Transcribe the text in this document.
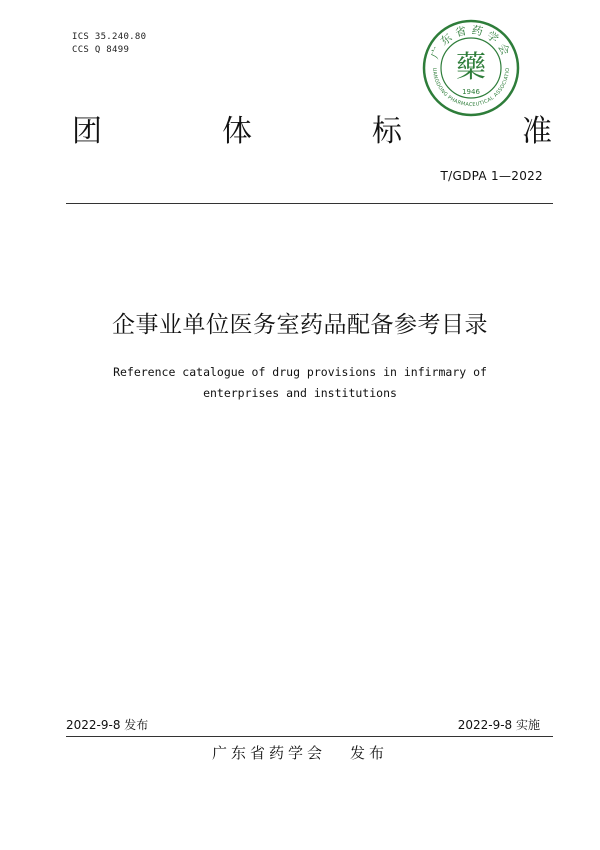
ICS 35.240.80
CCS Q 8499	广东省药学会
UANGDONG PHARMACEUTICAL ASSOCIATIO
藥
1946
团	体	标	准
T/GDPA 1—2022
企事业单位医务室药品配备参考目录
Reference catalogue of drug provisions in infirmary of
enterprises and institutions
2022-9-8 发布	2022-9-8 实施
广东省药学会 发布
